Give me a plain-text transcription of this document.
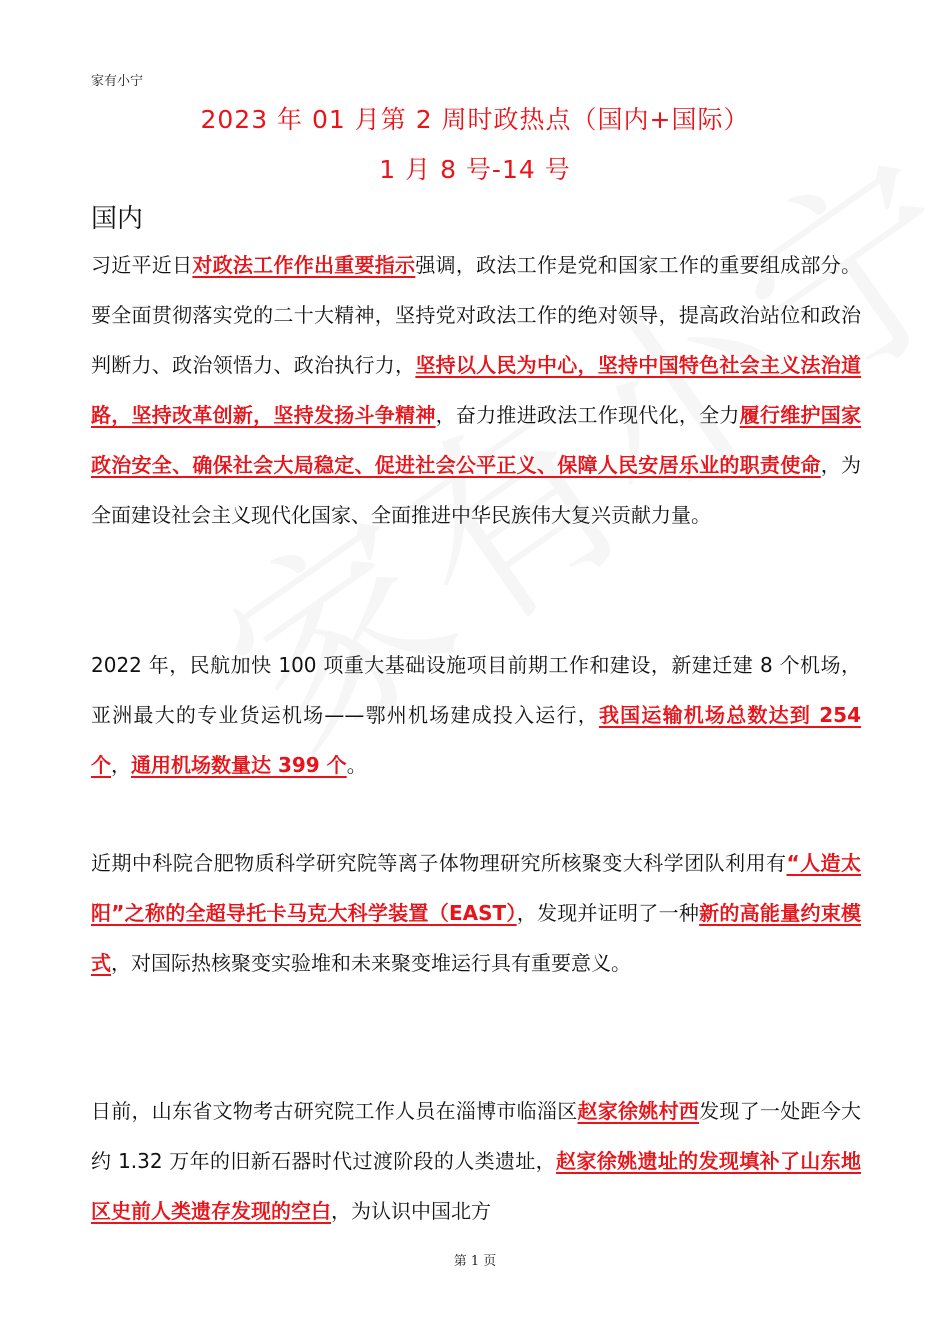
家有小宁
2023 年 01 月第 2 周时政热点（国内+国际）
1 月 8 号-14 号
国内
习近平近日对政法工作作出重要指示强调，政法工作是党和国家工作的重要组成部分。要全面贯彻落实党的二十大精神，坚持党对政法工作的绝对领导，提高政治站位和政治判断力、政治领悟力、政治执行力，坚持以人民为中心，坚持中国特色社会主义法治道路，坚持改革创新，坚持发扬斗争精神，奋力推进政法工作现代化，全力履行维护国家政治安全、确保社会大局稳定、促进社会公平正义、保障人民安居乐业的职责使命，为全面建设社会主义现代化国家、全面推进中华民族伟大复兴贡献力量。
2022 年，民航加快 100 项重大基础设施项目前期工作和建设，新建迁建 8 个机场，亚洲最大的专业货运机场——鄂州机场建成投入运行，我国运输机场总数达到 254 个，通用机场数量达 399 个。
近期中科院合肥物质科学研究院等离子体物理研究所核聚变大科学团队利用有“人造太阳”之称的全超导托卡马克大科学装置（EAST），发现并证明了一种新的高能量约束模式，对国际热核聚变实验堆和未来聚变堆运行具有重要意义。
日前，山东省文物考古研究院工作人员在淄博市临淄区赵家徐姚村西发现了一处距今大约 1.32 万年的旧新石器时代过渡阶段的人类遗址，赵家徐姚遗址的发现填补了山东地区史前人类遗存发现的空白，为认识中国北方
第 1 页
